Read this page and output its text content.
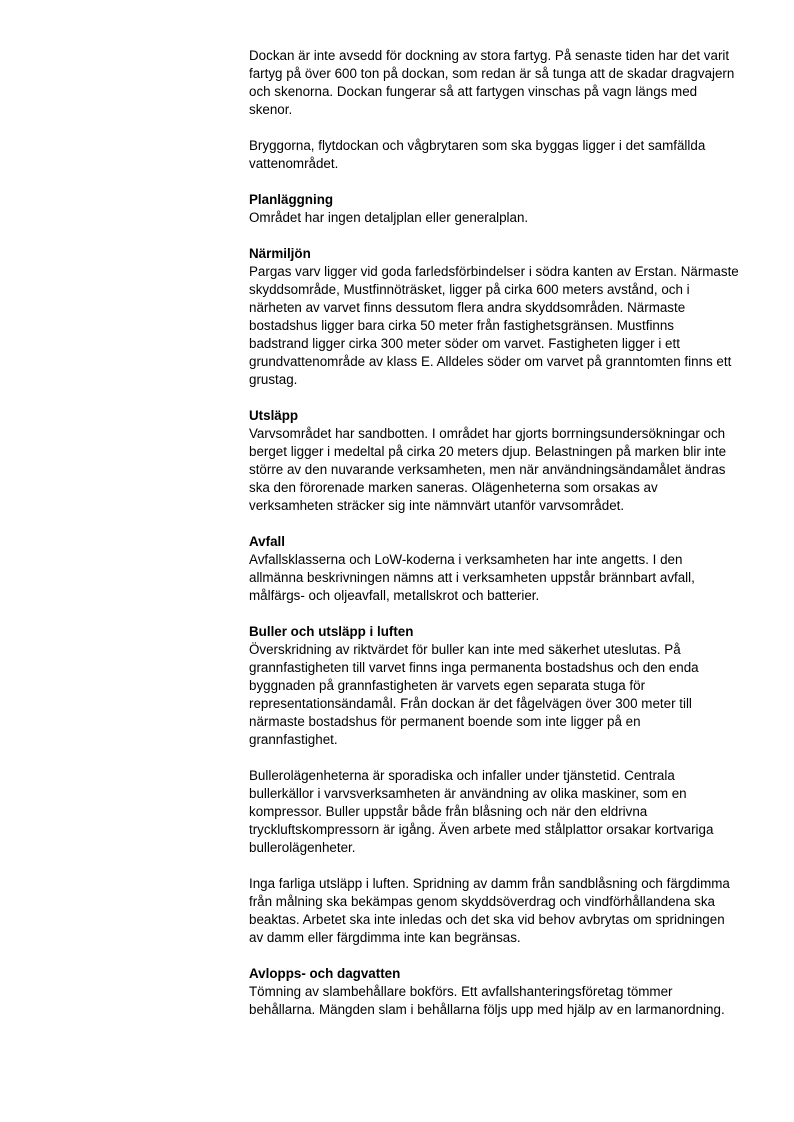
Dockan är inte avsedd för dockning av stora fartyg. På senaste tiden har det varit
fartyg på över 600 ton på dockan, som redan är så tunga att de skadar dragvajern
och skenorna. Dockan fungerar så att fartygen vinschas på vagn längs med
skenor.

Bryggorna, flytdockan och vågbrytaren som ska byggas ligger i det samfällda
vattenområdet.

Planläggning

Området har ingen detaljplan eller generalplan.

Närmiljön

Pargas varv ligger vid goda farledsförbindelser i södra kanten av Erstan. Närmaste
skyddsområde, Mustfinnöträsket, ligger på cirka 600 meters avstånd, och i
närheten av varvet finns dessutom flera andra skyddsområden. Närmaste
bostadshus ligger bara cirka 50 meter från fastighetsgränsen. Mustfinns
badstrand ligger cirka 300 meter söder om varvet. Fastigheten ligger i ett
grundvattenområde av klass E. Alldeles söder om varvet på granntomten finns ett
grustag.

Utsläpp

Varvsområdet har sandbotten. I området har gjorts borrningsundersökningar och
berget ligger i medeltal på cirka 20 meters djup. Belastningen på marken blir inte
större av den nuvarande verksamheten, men när användningsändamålet ändras
ska den förorenade marken saneras. Olägenheterna som orsakas av
verksamheten sträcker sig inte nämnvärt utanför varvsområdet.

Avfall

Avfallsklasserna och LoW-koderna i verksamheten har inte angetts. I den
allmänna beskrivningen nämns att i verksamheten uppstår brännbart avfall,
målfärgs- och oljeavfall, metallskrot och batterier.

Buller och utsläpp i luften

Överskridning av riktvärdet för buller kan inte med säkerhet uteslutas. På
grannfastigheten till varvet finns inga permanenta bostadshus och den enda
byggnaden på grannfastigheten är varvets egen separata stuga för
representationsändamål. Från dockan är det fågelvägen över 300 meter till
närmaste bostadshus för permanent boende som inte ligger på en
grannfastighet.

Bullerolägenheterna är sporadiska och infaller under tjänstetid. Centrala
bullerkällor i varvsverksamheten är användning av olika maskiner, som en
kompressor. Buller uppstår både från blåsning och när den eldrivna
tryckluftskompressorn är igång. Även arbete med stålplattor orsakar kortvariga
bullerolägenheter.

Inga farliga utsläpp i luften. Spridning av damm från sandblåsning och färgdimma
från målning ska bekämpas genom skyddsöverdrag och vindförhållandena ska
beaktas. Arbetet ska inte inledas och det ska vid behov avbrytas om spridningen
av damm eller färgdimma inte kan begränsas.

Avlopps- och dagvatten

Tömning av slambehållare bokförs. Ett avfallshanteringsföretag tömmer
behållarna. Mängden slam i behållarna följs upp med hjälp av en larmanordning.
